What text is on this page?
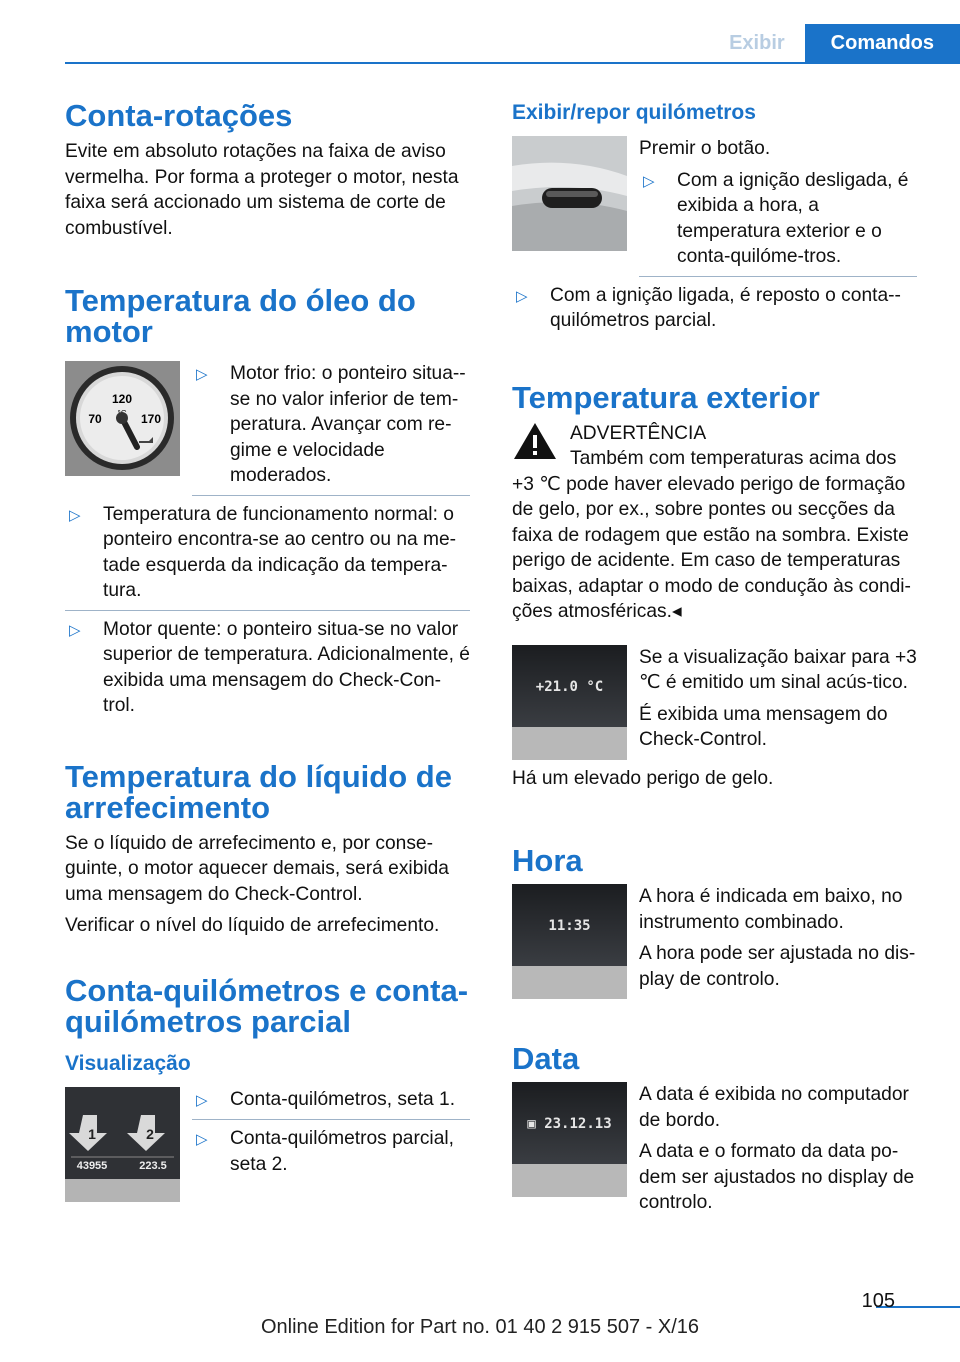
Exibir	Comandos
Conta-rotações

Evite em absoluto rotações na faixa de aviso vermelha. Por forma a proteger o motor, nesta faixa será accionado um sistema de corte de combustível.

Temperatura do óleo do motor
120
70	170
▷	Motor frio: o ponteiro situa--se no valor inferior de tem-peratura. Avançar com re-gime e velocidade moderados.
▷	Temperatura de funcionamento normal: o ponteiro encontra-se ao centro ou na me-tade esquerda da indicação da tempera-tura.
▷	Motor quente: o ponteiro situa-se no valor superior de temperatura. Adicionalmente, é exibida uma mensagem do Check-Con-trol.
Temperatura do líquido de arrefecimento

Se o líquido de arrefecimento e, por conse-guinte, o motor aquecer demais, será exibida uma mensagem do Check-Control.

Verificar o nível do líquido de arrefecimento.

Conta-quilómetros e conta-quilómetros parcial
Visualização
1	2
43955	223.5
▷	Conta-quilómetros, seta 1.
▷	Conta-quilómetros parcial, seta 2.
Exibir/repor quilómetros

Premir o botão.

▷	Com a ignição desligada, é exibida a hora, a temperatura exterior e o conta-quilóme-tros.
▷	Com a ignição ligada, é reposto o conta--quilómetros parcial.
Temperatura exterior

ADVERTÊNCIA

Também com temperaturas acima dos

+3 ℃ pode haver elevado perigo de formação de gelo, por ex., sobre pontes ou secções da faixa de rodagem que estão na sombra. Existe perigo de acidente. Em caso de temperaturas baixas, adaptar o modo de condução às condi-ções atmosféricas.◂

+21.0 °C

Se a visualização baixar para +3 ℃ é emitido um sinal acús-tico.

É exibida uma mensagem do Check-Control.

Há um elevado perigo de gelo.

Hora
11:35

A hora é indicada em baixo, no instrumento combinado.

A hora pode ser ajustada no dis-play de controlo.

Data
▣ 23.12.13

A data é exibida no computador de bordo.

A data e o formato da data po-dem ser ajustados no display de controlo.

105
Online Edition for Part no. 01 40 2 915 507 - X/16
